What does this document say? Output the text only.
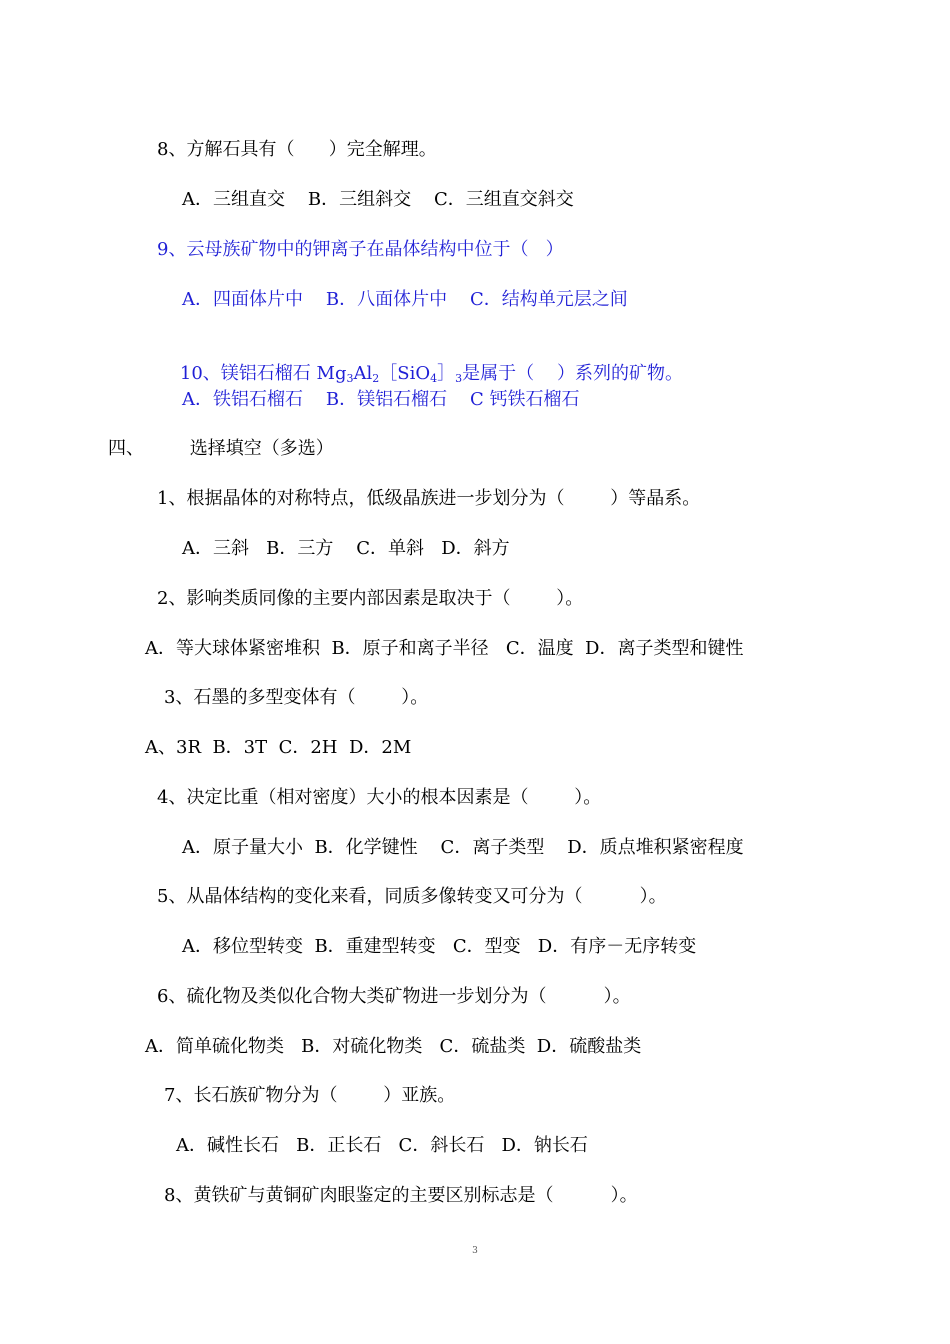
8、方解石具有（      ）完全解理。
A．三组直交    B．三组斜交    C．三组直交斜交
9、云母族矿物中的钾离子在晶体结构中位于（   ）
A．四面体片中    B．八面体片中    C．结构单元层之间

10、镁铝石榴石 $Mg_3Al_2[SiO_4]_3$是属于（    ）系列的矿物。

A．铁铝石榴石    B．镁铝石榴石    C 钙铁石榴石
四、        选择填空（多选）
1、根据晶体的对称特点，低级晶族进一步划分为（        ）等晶系。
A．三斜   B．三方    C．单斜   D．斜方
2、影响类质同像的主要内部因素是取决于（        ）。
A．等大球体紧密堆积  B．原子和离子半径   C．温度  D．离子类型和键性
3、石墨的多型变体有（        ）。
A、3R  B．3T  C．2H  D．2M
4、决定比重（相对密度）大小的根本因素是（        ）。
A．原子量大小  B．化学键性    C．离子类型    D．质点堆积紧密程度
5、从晶体结构的变化来看，同质多像转变又可分为（          ）。
A．移位型转变  B．重建型转变   C．型变   D．有序－无序转变
6、硫化物及类似化合物大类矿物进一步划分为（          ）。
A．简单硫化物类   B．对硫化物类   C．硫盐类  D．硫酸盐类
7、长石族矿物分为（        ）亚族。
A．碱性长石   B．正长石   C．斜长石   D．钠长石
8、黄铁矿与黄铜矿肉眼鉴定的主要区别标志是（          ）。
3
